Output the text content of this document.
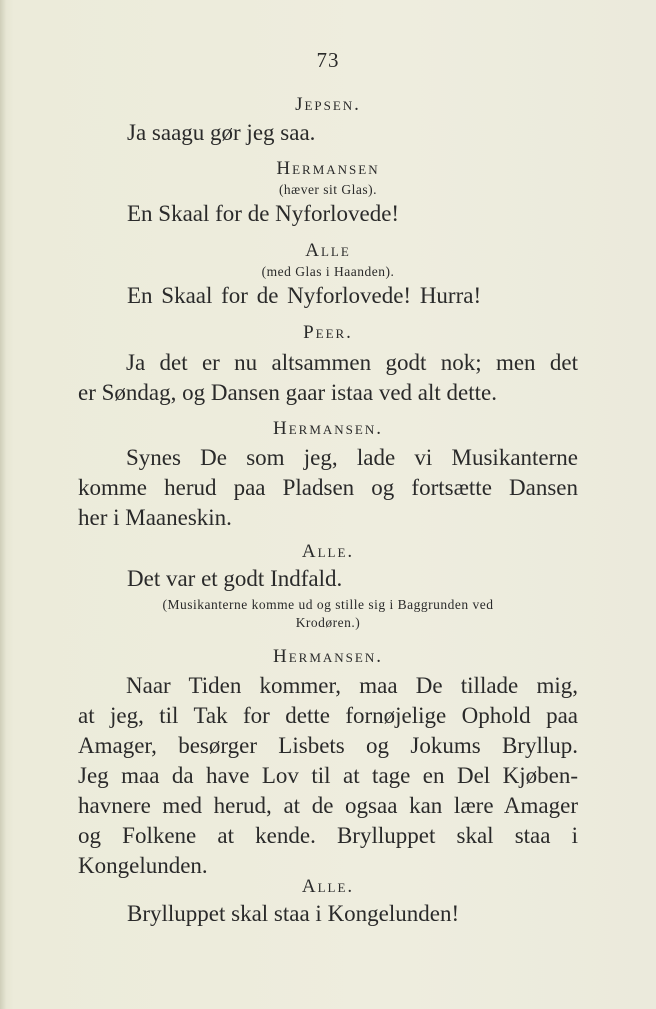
73
Jepsen.
Ja saagu gør jeg saa.
Hermansen
(hæver sit Glas).
En Skaal for de Nyforlovede!
Alle
(med Glas i Haanden).
En Skaal for de Nyforlovede! Hurra!
Peer.
Ja det er nu altsammen godt nok; men det
er Søndag, og Dansen gaar istaa ved alt dette.
Hermansen.
Synes De som jeg, lade vi Musikanterne
komme herud paa Pladsen og fortsætte Dansen
her i Maaneskin.
Alle.
Det var et godt Indfald.
(Musikanterne komme ud og stille sig i Baggrunden ved
Krodøren.)
Hermansen.
Naar Tiden kommer, maa De tillade mig,
at jeg, til Tak for dette fornøjelige Ophold paa
Amager, besørger Lisbets og Jokums Bryllup.
Jeg maa da have Lov til at tage en Del Kjøben-
havnere med herud, at de ogsaa kan lære Amager
og Folkene at kende. Brylluppet skal staa i
Kongelunden.
Alle.
Brylluppet skal staa i Kongelunden!
